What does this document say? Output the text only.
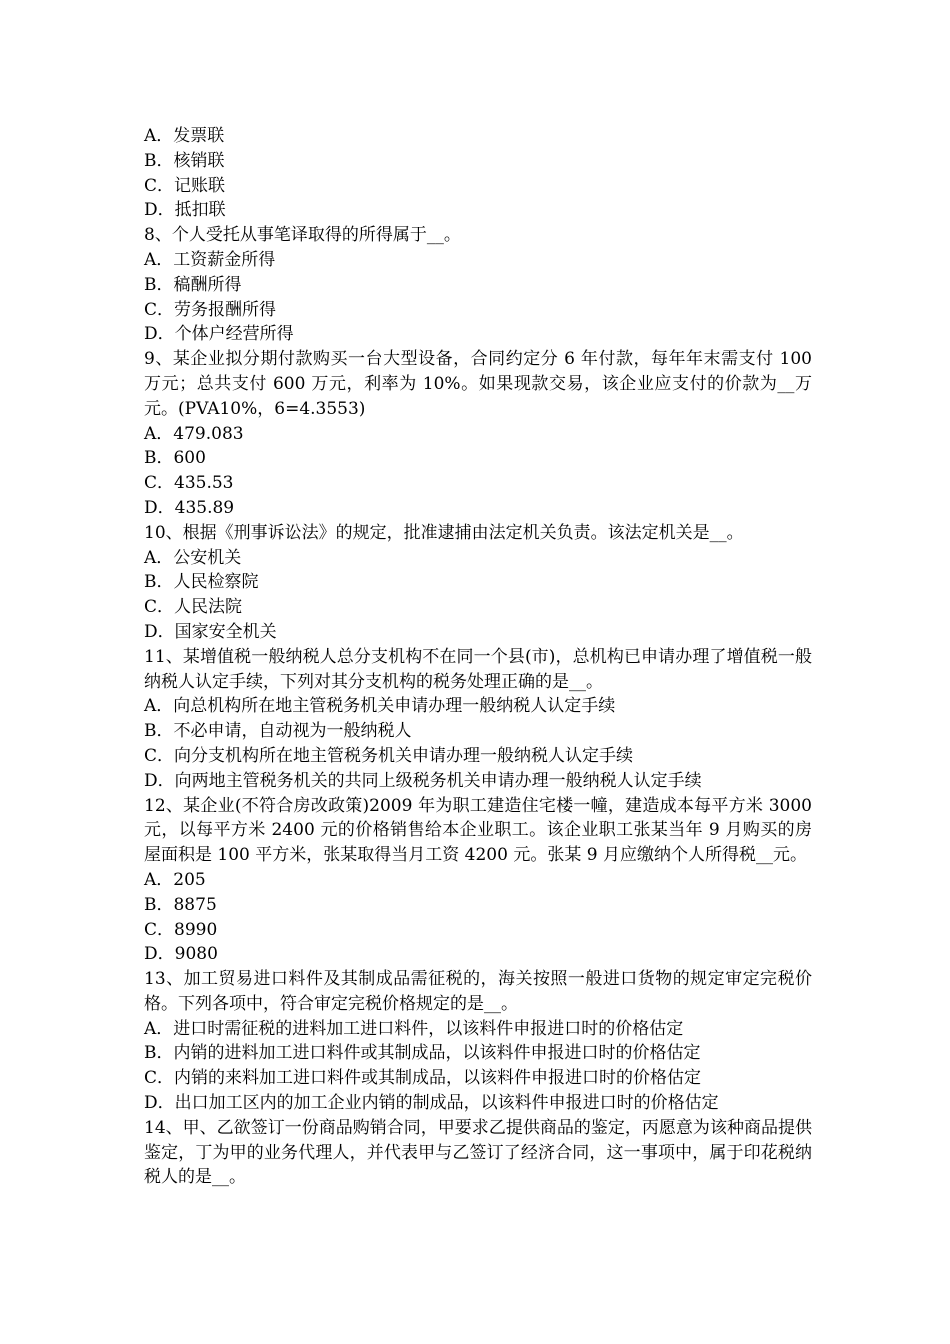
A．发票联
B．核销联
C．记账联
D．抵扣联
8、个人受托从事笔译取得的所得属于__。
A．工资薪金所得
B．稿酬所得
C．劳务报酬所得
D．个体户经营所得
9、某企业拟分期付款购买一台大型设备，合同约定分 6 年付款，每年年末需支付 100 万元；总共支付 600 万元，利率为 10%。如果现款交易，该企业应支付的价款为__万元。(PVA10%，6=4.3553)
A．479.083
B．600
C．435.53
D．435.89
10、根据《刑事诉讼法》的规定，批准逮捕由法定机关负责。该法定机关是__。
A．公安机关
B．人民检察院
C．人民法院
D．国家安全机关
11、某增值税一般纳税人总分支机构不在同一个县(市)，总机构已申请办理了增值税一般纳税人认定手续，下列对其分支机构的税务处理正确的是__。
A．向总机构所在地主管税务机关申请办理一般纳税人认定手续
B．不必申请，自动视为一般纳税人
C．向分支机构所在地主管税务机关申请办理一般纳税人认定手续
D．向两地主管税务机关的共同上级税务机关申请办理一般纳税人认定手续
12、某企业(不符合房改政策)2009 年为职工建造住宅楼一幢，建造成本每平方米 3000 元，以每平方米 2400 元的价格销售给本企业职工。该企业职工张某当年 9 月购买的房屋面积是 100 平方米，张某取得当月工资 4200 元。张某 9 月应缴纳个人所得税__元。
A．205
B．8875
C．8990
D．9080
13、加工贸易进口料件及其制成品需征税的，海关按照一般进口货物的规定审定完税价格。下列各项中，符合审定完税价格规定的是__。
A．进口时需征税的进料加工进口料件，以该料件申报进口时的价格估定
B．内销的进料加工进口料件或其制成品，以该料件申报进口时的价格估定
C．内销的来料加工进口料件或其制成品，以该料件申报进口时的价格估定
D．出口加工区内的加工企业内销的制成品，以该料件申报进口时的价格估定
14、甲、乙欲签订一份商品购销合同，甲要求乙提供商品的鉴定，丙愿意为该种商品提供鉴定，丁为甲的业务代理人，并代表甲与乙签订了经济合同，这一事项中，属于印花税纳税人的是__。
